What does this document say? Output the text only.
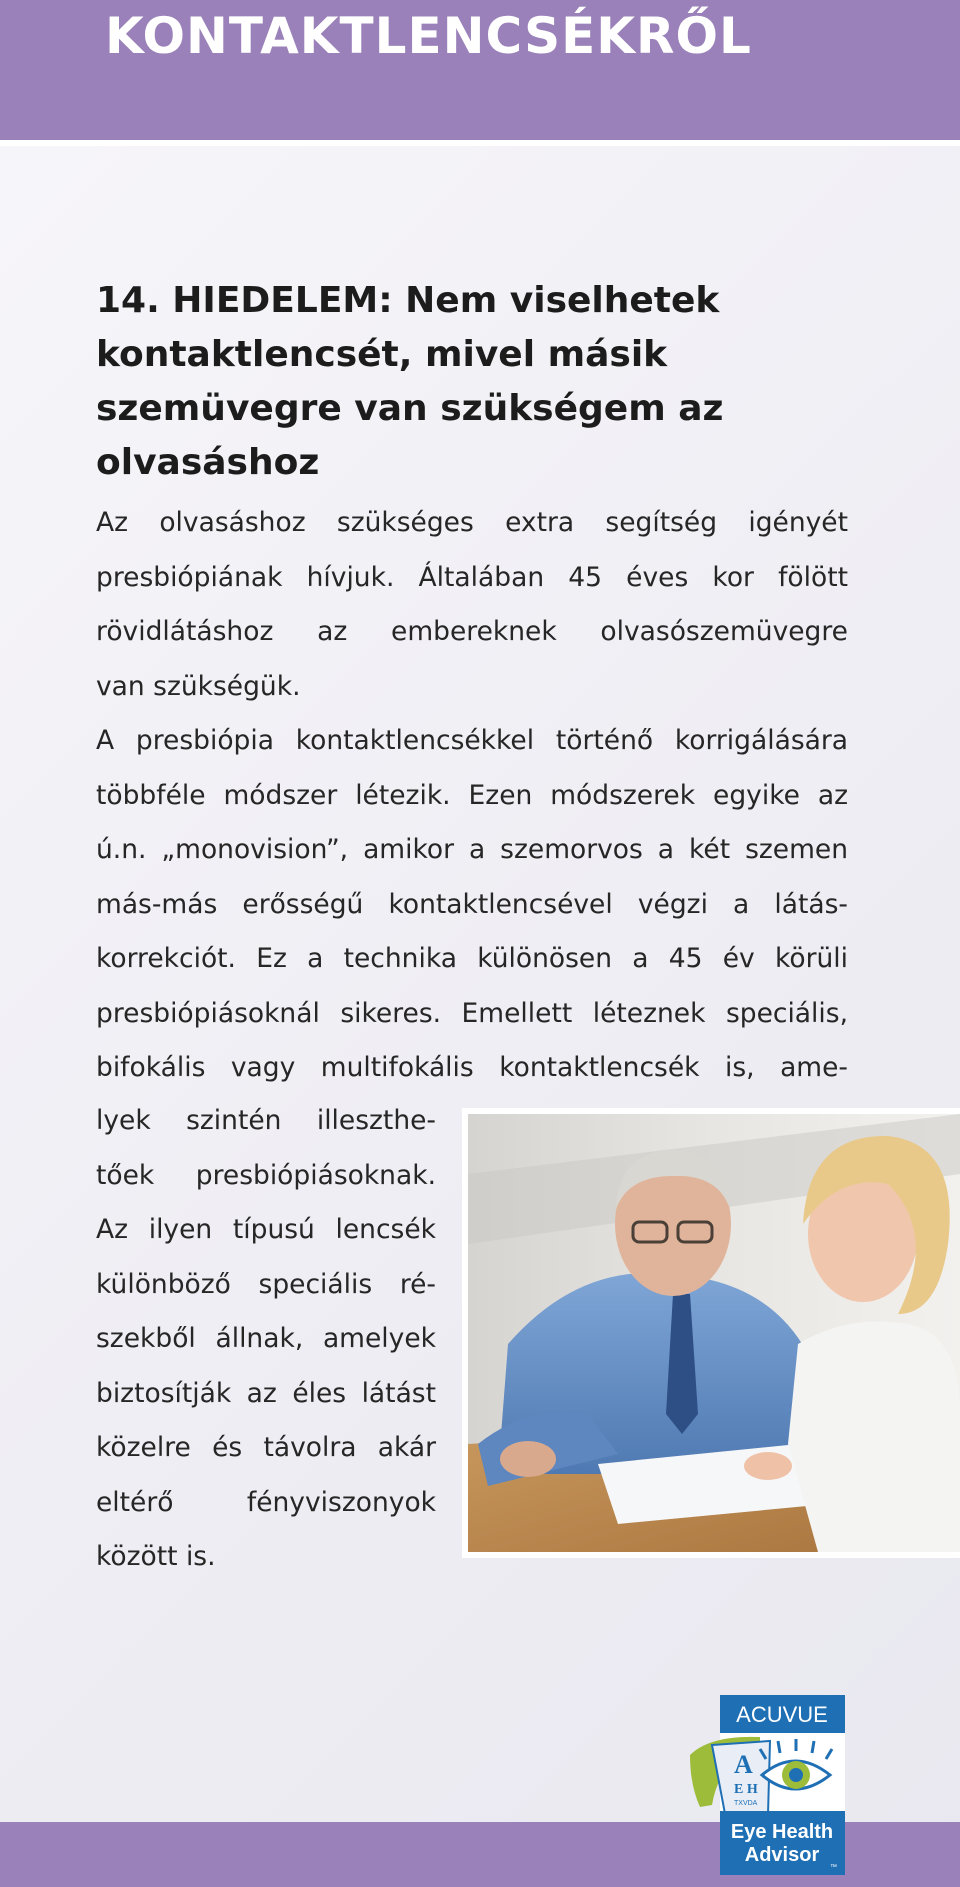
KONTAKTLENCSÉKRŐL
14. HIEDELEM: Nem viselhetek kontaktlencsét, mivel másik szemüvegre van szükségem az olvasáshoz

Az olvasáshoz szükséges extra segítség igényét
presbiópiának hívjuk. Általában 45 éves kor fölött
rövidlátáshoz az embereknek olvasószemüvegre
van szükségük.

A presbiópia kontaktlencsékkel történő korrigálására
többféle módszer létezik. Ezen módszerek egyike az
ú.n. „monovision”, amikor a szemorvos a két szemen
más-más erősségű kontaktlencsével végzi a látás-
korrekciót. Ez a technika különösen a 45 év körüli
presbiópiásoknál sikeres. Emellett léteznek speciális,
bifokális vagy multifokális kontaktlencsék is, ame-

lyek szintén illeszthe-
tőek presbiópiásoknak.
Az ilyen típusú lencsék
különböző speciális ré-
szekből állnak, amelyek
biztosítják az éles látást
közelre és távolra akár
eltérő fényviszonyok
között is.

ACUVUE
A
E H
TXVDA
Eye Health
Advisor
™
